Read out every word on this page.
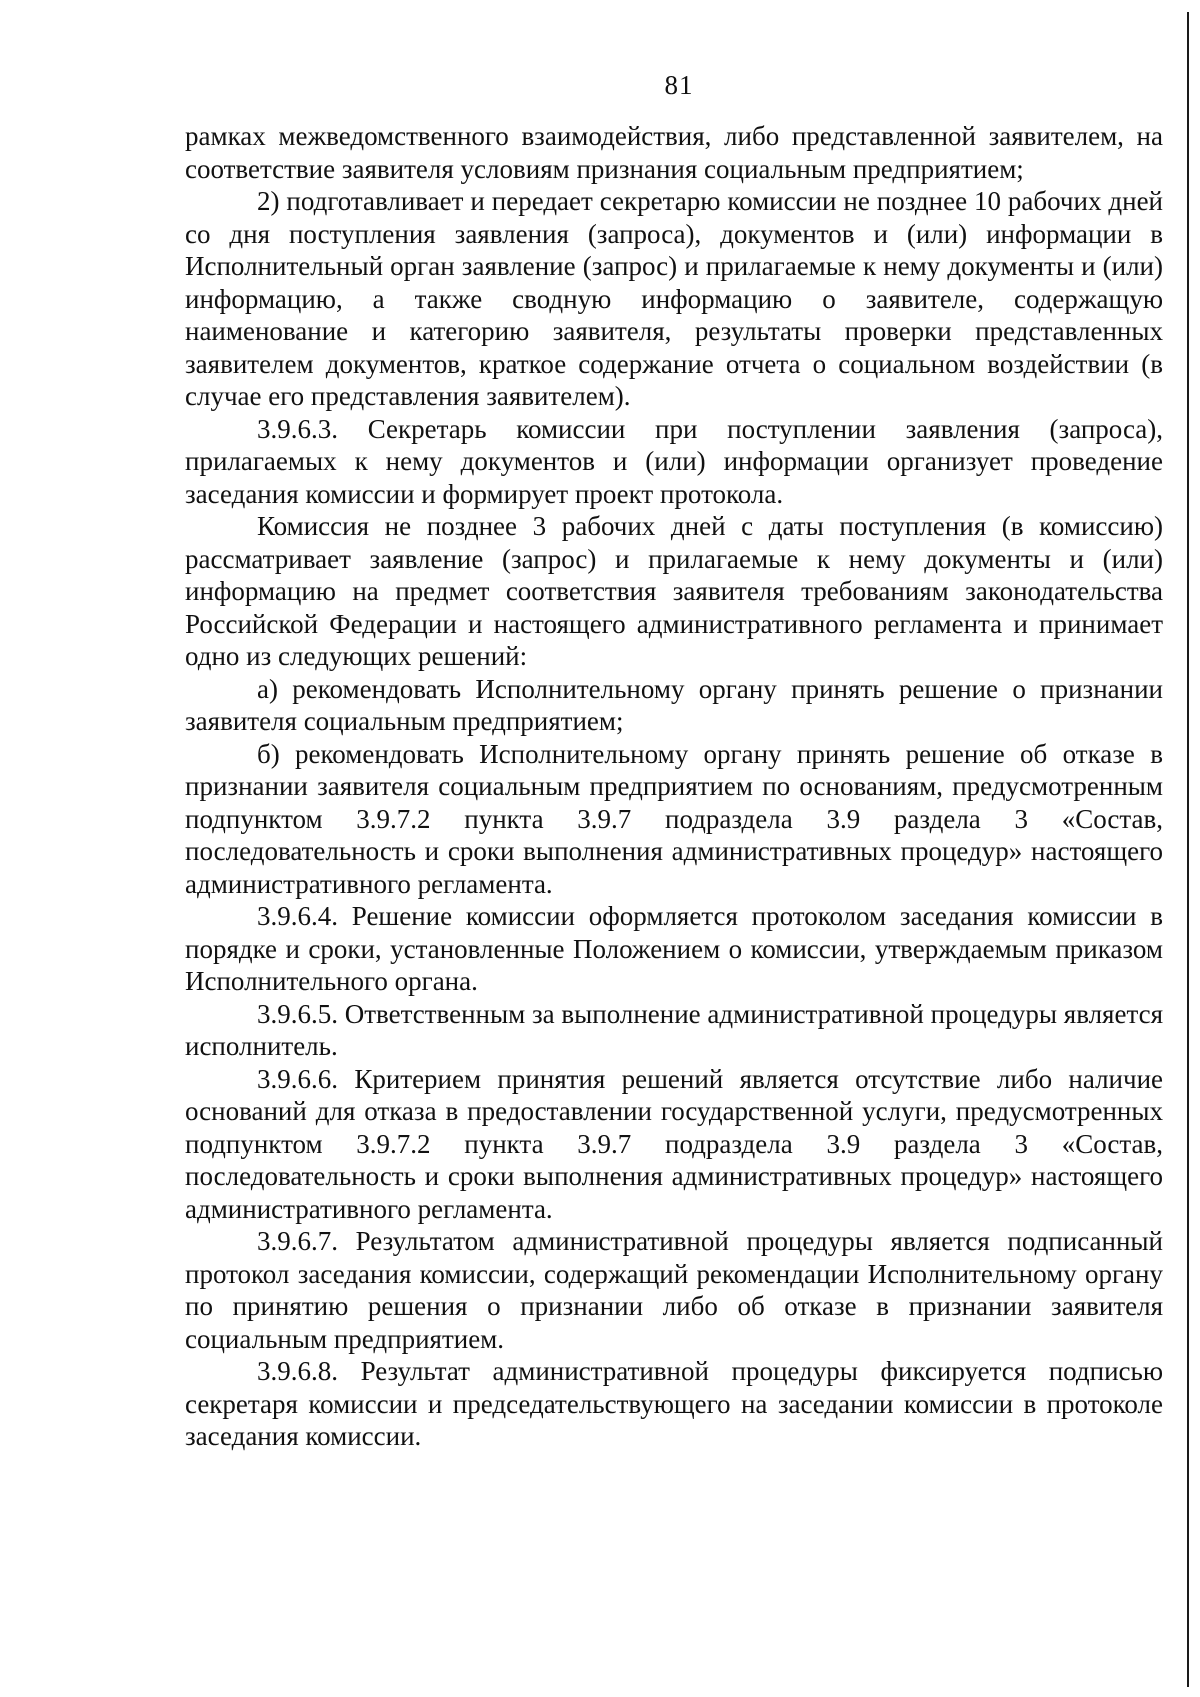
81

рамках межведомственного взаимодействия, либо представленной заявителем, на соответствие заявителя условиям признания социальным предприятием;

2) подготавливает и передает секретарю комиссии не позднее 10 рабочих дней со дня поступления заявления (запроса), документов и (или) информации в Исполнительный орган заявление (запрос) и прилагаемые к нему документы и (или) информацию, а также сводную информацию о заявителе, содержащую наименование и категорию заявителя, результаты проверки представленных заявителем документов, краткое содержание отчета о социальном воздействии (в случае его представления заявителем).

3.9.6.3. Секретарь комиссии при поступлении заявления (запроса), прилагаемых к нему документов и (или) информации организует проведение заседания комиссии и формирует проект протокола.

Комиссия не позднее 3 рабочих дней с даты поступления (в комиссию) рассматривает заявление (запрос) и прилагаемые к нему документы и (или) информацию на предмет соответствия заявителя требованиям законодательства Российской Федерации и настоящего административного регламента и принимает одно из следующих решений:

а) рекомендовать Исполнительному органу принять решение о признании заявителя социальным предприятием;

б) рекомендовать Исполнительному органу принять решение об отказе в признании заявителя социальным предприятием по основаниям, предусмотренным подпунктом 3.9.7.2 пункта 3.9.7 подраздела 3.9 раздела 3 «Состав, последовательность и сроки выполнения административных процедур» настоящего административного регламента.

3.9.6.4. Решение комиссии оформляется протоколом заседания комиссии в порядке и сроки, установленные Положением о комиссии, утверждаемым приказом Исполнительного органа.

3.9.6.5. Ответственным за выполнение административной процедуры является исполнитель.

3.9.6.6. Критерием принятия решений является отсутствие либо наличие оснований для отказа в предоставлении государственной услуги, предусмотренных подпунктом 3.9.7.2 пункта 3.9.7 подраздела 3.9 раздела 3 «Состав, последовательность и сроки выполнения административных процедур» настоящего административного регламента.

3.9.6.7. Результатом административной процедуры является подписанный протокол заседания комиссии, содержащий рекомендации Исполнительному органу по принятию решения о признании либо об отказе в признании заявителя социальным предприятием.

3.9.6.8. Результат административной процедуры фиксируется подписью секретаря комиссии и председательствующего на заседании комиссии в протоколе заседания комиссии.
